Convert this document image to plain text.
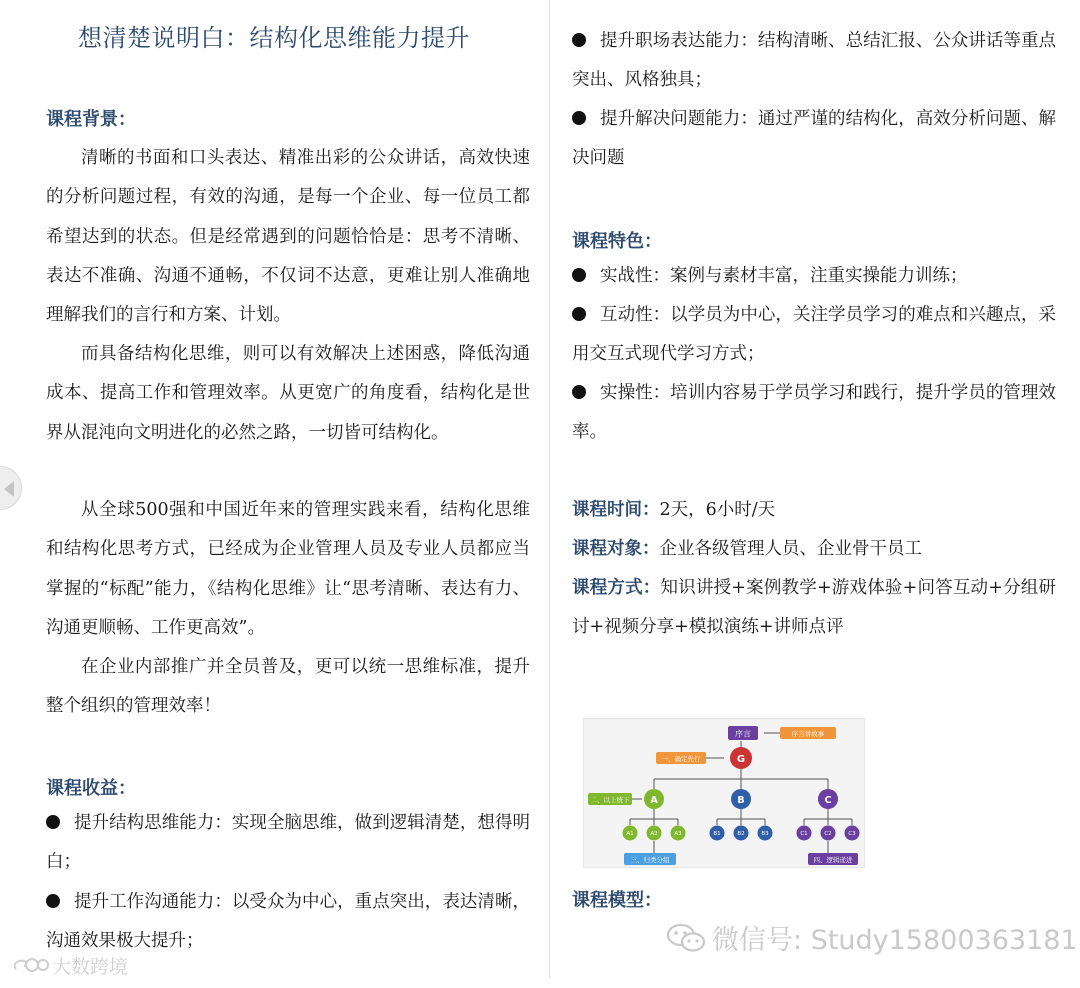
想清楚说明白：结构化思维能力提升
课程背景：
清晰的书面和口头表达、精准出彩的公众讲话，高效快速的分析问题过程，有效的沟通，是每一个企业、每一位员工都希望达到的状态。但是经常遇到的问题恰恰是：思考不清晰、表达不准确、沟通不通畅，不仅词不达意，更难让别人准确地理解我们的言行和方案、计划。
而具备结构化思维，则可以有效解决上述困惑，降低沟通成本、提高工作和管理效率。从更宽广的角度看，结构化是世界从混沌向文明进化的必然之路，一切皆可结构化。
从全球500强和中国近年来的管理实践来看，结构化思维和结构化思考方式，已经成为企业管理人员及专业人员都应当掌握的“标配”能力，《结构化思维》让“思考清晰、表达有力、沟通更顺畅、工作更高效”。
在企业内部推广并全员普及，更可以统一思维标准，提升整个组织的管理效率！
课程收益：
提升结构思维能力：实现全脑思维，做到逻辑清楚，想得明白；
提升工作沟通能力：以受众为中心，重点突出，表达清晰，沟通效果极大提升；
提升职场表达能力：结构清晰、总结汇报、公众讲话等重点突出、风格独具；
提升解决问题能力：通过严谨的结构化，高效分析问题、解决问题
课程特色：
实战性：案例与素材丰富，注重实操能力训练；
互动性：以学员为中心，关注学员学习的难点和兴趣点，采用交互式现代学习方式；
实操性：培训内容易于学员学习和践行，提升学员的管理效率。
课程时间：2天，6小时/天
课程对象：企业各级管理人员、企业骨干员工
课程方式：知识讲授+案例教学+游戏体验+问答互动+分组研讨+视频分享+模拟演练+讲师点评
序言	序言讲故事
一、确定先行
二、以上统下
三、归类分组	四、逻辑递进
G
A	B	C
A1	A2	A3	B1	B2	B3	C1	C2	C3
课程模型：
微信号: Study15800363181
大数跨境
